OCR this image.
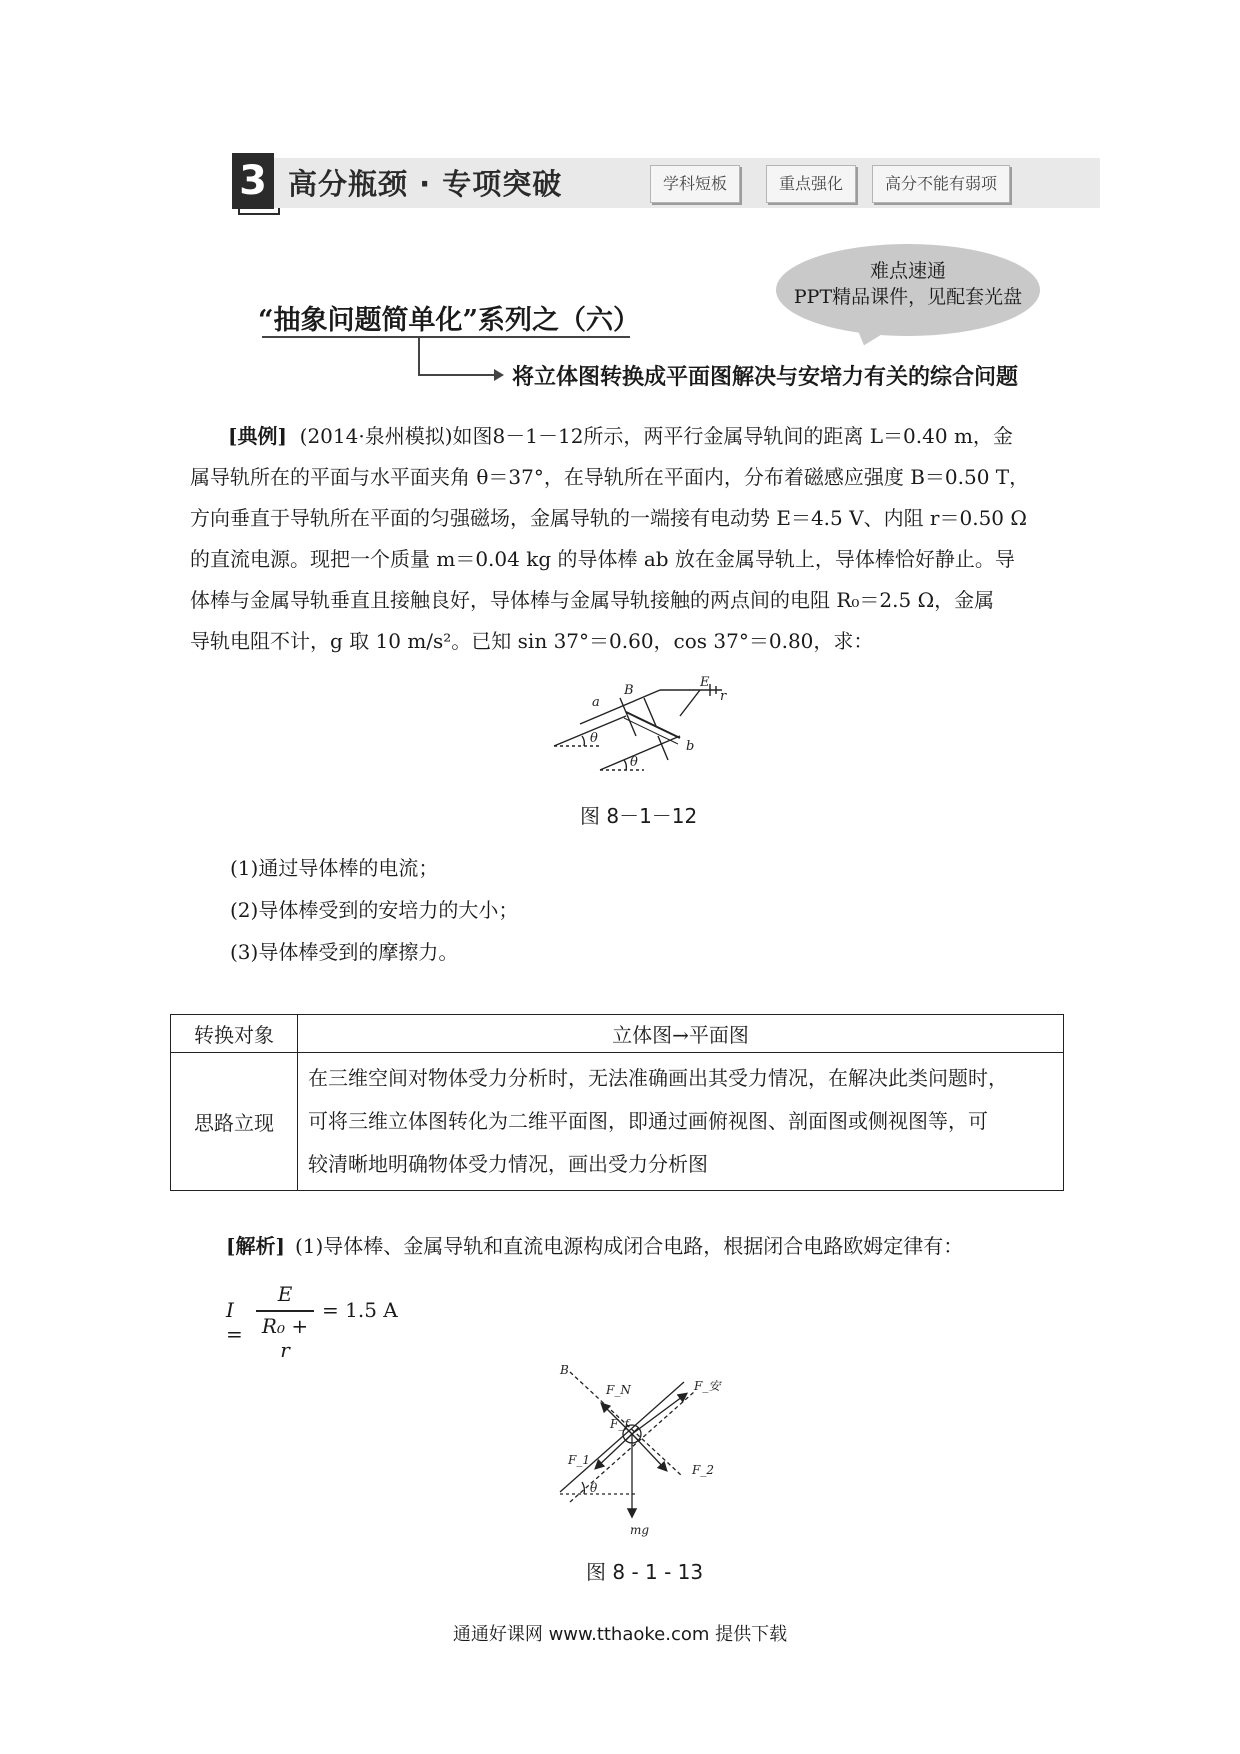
3 高分瓶颈 · 专项突破	学科短板	重点强化	高分不能有弱项
难点速通
PPT精品课件，见配套光盘
“抽象问题简单化”系列之（六）
将立体图转换成平面图解决与安培力有关的综合问题
[典例] (2014·泉州模拟)如图8－1－12所示，两平行金属导轨间的距离 L＝0.40 m，金
属导轨所在的平面与水平面夹角 θ＝37°，在导轨所在平面内，分布着磁感应强度 B＝0.50 T，
方向垂直于导轨所在平面的匀强磁场，金属导轨的一端接有电动势 E＝4.5 V、内阻 r＝0.50 Ω
的直流电源。现把一个质量 m＝0.04 kg 的导体棒 ab 放在金属导轨上，导体棒恰好静止。导
体棒与金属导轨垂直且接触良好，导体棒与金属导轨接触的两点间的电阻 R₀＝2.5 Ω，金属
导轨电阻不计，g 取 10 m/s²。已知 sin 37°＝0.60，cos 37°＝0.80，求：
a
B
E
r
b
θ
θ
图 8－1－12
(1)通过导体棒的电流；
(2)导体棒受到的安培力的大小；
(3)导体棒受到的摩擦力。
转换对象	立体图→平面图
思路立现	在三维空间对物体受力分析时，无法准确画出其受力情况，在解决此类问题时，
可将三维立体图转化为二维平面图，即通过画俯视图、剖面图或侧视图等，可
较清晰地明确物体受力情况，画出受力分析图
[解析] (1)导体棒、金属导轨和直流电源构成闭合电路，根据闭合电路欧姆定律有：
I =
E
R₀ + r
= 1.5 A
B
F_N	F_安
F_f
F_1
F_2
θ
mg
图 8 - 1 - 13
通通好课网 www.tthaoke.com 提供下载
